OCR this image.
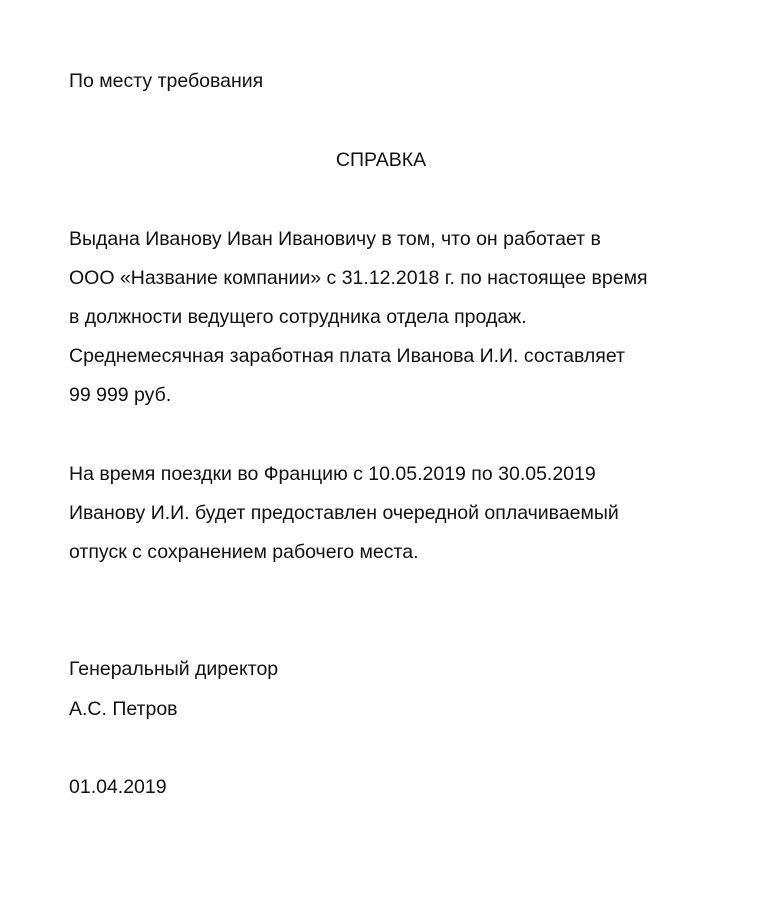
По месту требования
СПРАВКА
Выдана Иванову Иван Ивановичу в том, что он работает в
ООО «Название компании» с 31.12.2018 г. по настоящее время
в должности ведущего сотрудника отдела продаж.
Среднемесячная заработная плата Иванова И.И. составляет
99 999 руб.
На время поездки во Францию с 10.05.2019 по 30.05.2019
Иванову И.И. будет предоставлен очередной оплачиваемый
отпуск с сохранением рабочего места.
Генеральный директор
А.С. Петров
01.04.2019
